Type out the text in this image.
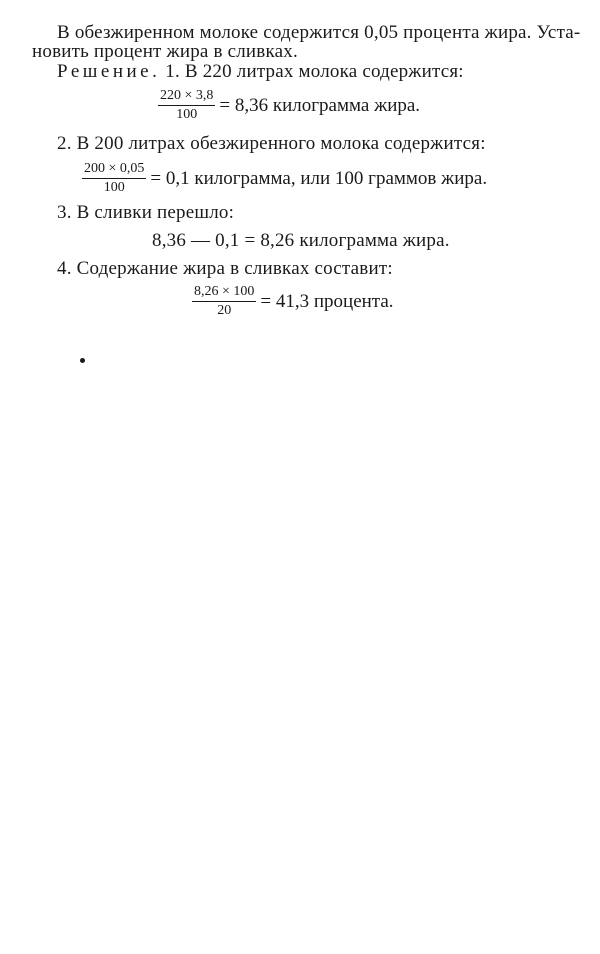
В обезжиренном молоке содержится 0,05 процента жира. Уста-
новить процент жира в сливках.
Решение. 1. В 220 литрах молока содержится:
$\frac{220 \times 3,8}{100} = 8,36$ килограмма жира.
2. В 200 литрах обезжиренного молока содержится:
$\frac{200 \times 0,05}{100} = 0,1$ килограмма, или 100 граммов жира.
3. В сливки перешло:
8,36 — 0,1 = 8,26 килограмма жира.
4. Содержание жира в сливках составит:
$\frac{8,26 \times 100}{20} = 41,3$ процента.
